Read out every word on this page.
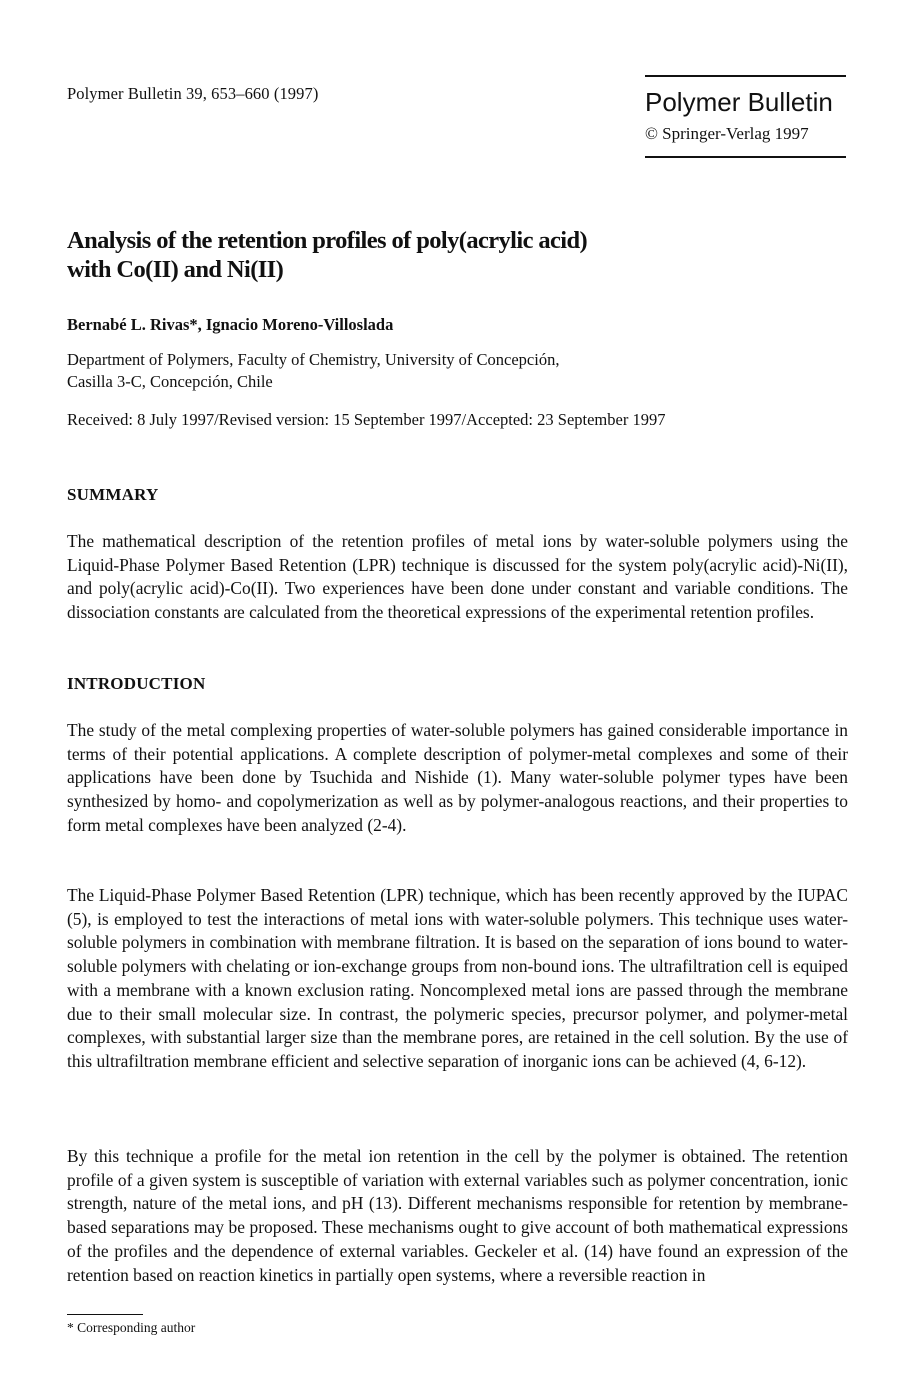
Polymer Bulletin 39, 653–660 (1997)	Polymer Bulletin
© Springer-Verlag 1997
Analysis of the retention profiles of poly(acrylic acid)
with Co(II) and Ni(II)
Bernabé L. Rivas*, Ignacio Moreno-Villoslada
Department of Polymers, Faculty of Chemistry, University of Concepción,
Casilla 3-C, Concepción, Chile
Received: 8 July 1997/Revised version: 15 September 1997/Accepted: 23 September 1997
SUMMARY
The mathematical description of the retention profiles of metal ions by water-soluble polymers using the Liquid-Phase Polymer Based Retention (LPR) technique is discussed for the system poly(acrylic acid)-Ni(II), and poly(acrylic acid)-Co(II). Two experiences have been done under constant and variable conditions. The dissociation constants are calculated from the theoretical expressions of the experimental retention profiles.
INTRODUCTION
The study of the metal complexing properties of water-soluble polymers has gained considerable importance in terms of their potential applications. A complete description of polymer-metal complexes and some of their applications have been done by Tsuchida and Nishide (1). Many water-soluble polymer types have been synthesized by homo- and copolymerization as well as by polymer-analogous reactions, and their properties to form metal complexes have been analyzed (2-4).
The Liquid-Phase Polymer Based Retention (LPR) technique, which has been recently approved by the IUPAC (5), is employed to test the interactions of metal ions with water-soluble polymers. This technique uses water-soluble polymers in combination with membrane filtration. It is based on the separation of ions bound to water-soluble polymers with chelating or ion-exchange groups from non-bound ions. The ultrafiltration cell is equiped with a membrane with a known exclusion rating. Noncomplexed metal ions are passed through the membrane due to their small molecular size. In contrast, the polymeric species, precursor polymer, and polymer-metal complexes, with substantial larger size than the membrane pores, are retained in the cell solution. By the use of this ultrafiltration membrane efficient and selective separation of inorganic ions can be achieved (4, 6-12).
By this technique a profile for the metal ion retention in the cell by the polymer is obtained. The retention profile of a given system is susceptible of variation with external variables such as polymer concentration, ionic strength, nature of the metal ions, and pH (13). Different mechanisms responsible for retention by membrane-based separations may be proposed. These mechanisms ought to give account of both mathematical expressions of the profiles and the dependence of external variables. Geckeler et al. (14) have found an expression of the retention based on reaction kinetics in partially open systems, where a reversible reaction in
* Corresponding author
